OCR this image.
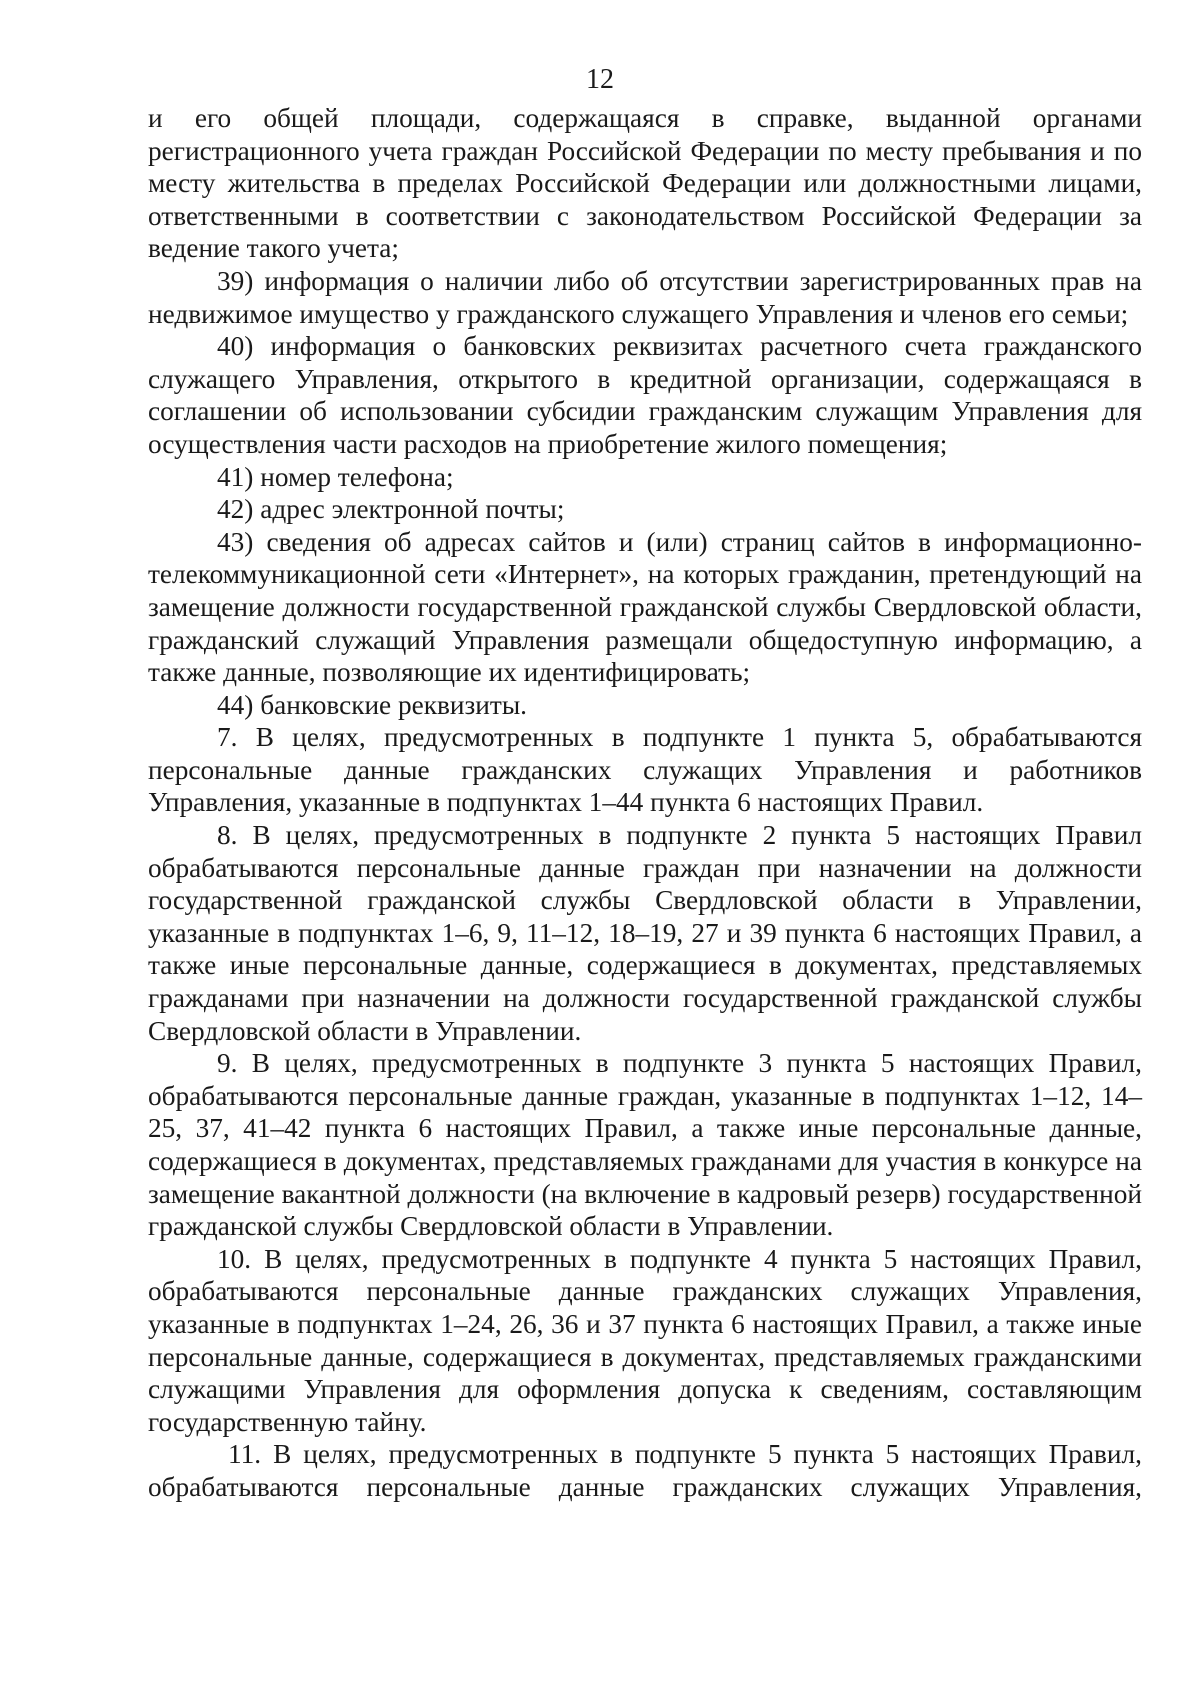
12

и его общей площади, содержащаяся в справке, выданной органами регистрационного учета граждан Российской Федерации по месту пребывания и по месту жительства в пределах Российской Федерации или должностными лицами, ответственными в соответствии с законодательством Российской Федерации за ведение такого учета;

39) информация о наличии либо об отсутствии зарегистрированных прав на недвижимое имущество у гражданского служащего Управления и членов его семьи;

40) информация о банковских реквизитах расчетного счета гражданского служащего Управления, открытого в кредитной организации, содержащаяся в соглашении об использовании субсидии гражданским служащим Управления для осуществления части расходов на приобретение жилого помещения;

41) номер телефона;

42) адрес электронной почты;

43) сведения об адресах сайтов и (или) страниц сайтов в информационно-телекоммуникационной сети «Интернет», на которых гражданин, претендующий на замещение должности государственной гражданской службы Свердловской области, гражданский служащий Управления размещали общедоступную информацию, а также данные, позволяющие их идентифицировать;

44) банковские реквизиты.

7. В целях, предусмотренных в подпункте 1 пункта 5, обрабатываются персональные данные гражданских служащих Управления и работников Управления, указанные в подпунктах 1–44 пункта 6 настоящих Правил.

8. В целях, предусмотренных в подпункте 2 пункта 5 настоящих Правил обрабатываются персональные данные граждан при назначении на должности государственной гражданской службы Свердловской области в Управлении, указанные в подпунктах 1–6, 9, 11–12, 18–19, 27 и 39 пункта 6 настоящих Правил, а также иные персональные данные, содержащиеся в документах, представляемых гражданами при назначении на должности государственной гражданской службы Свердловской области в Управлении.

9. В целях, предусмотренных в подпункте 3 пункта 5 настоящих Правил, обрабатываются персональные данные граждан, указанные в подпунктах 1–12, 14–25, 37, 41–42 пункта 6 настоящих Правил, а также иные персональные данные, содержащиеся в документах, представляемых гражданами для участия в конкурсе на замещение вакантной должности (на включение в кадровый резерв) государственной гражданской службы Свердловской области в Управлении.

10. В целях, предусмотренных в подпункте 4 пункта 5 настоящих Правил, обрабатываются персональные данные гражданских служащих Управления, указанные в подпунктах 1–24, 26, 36 и 37 пункта 6 настоящих Правил, а также иные персональные данные, содержащиеся в документах, представляемых гражданскими служащими Управления для оформления допуска к сведениям, составляющим государственную тайну.

11. В целях, предусмотренных в подпункте 5 пункта 5 настоящих Правил, обрабатываются персональные данные гражданских служащих Управления,
